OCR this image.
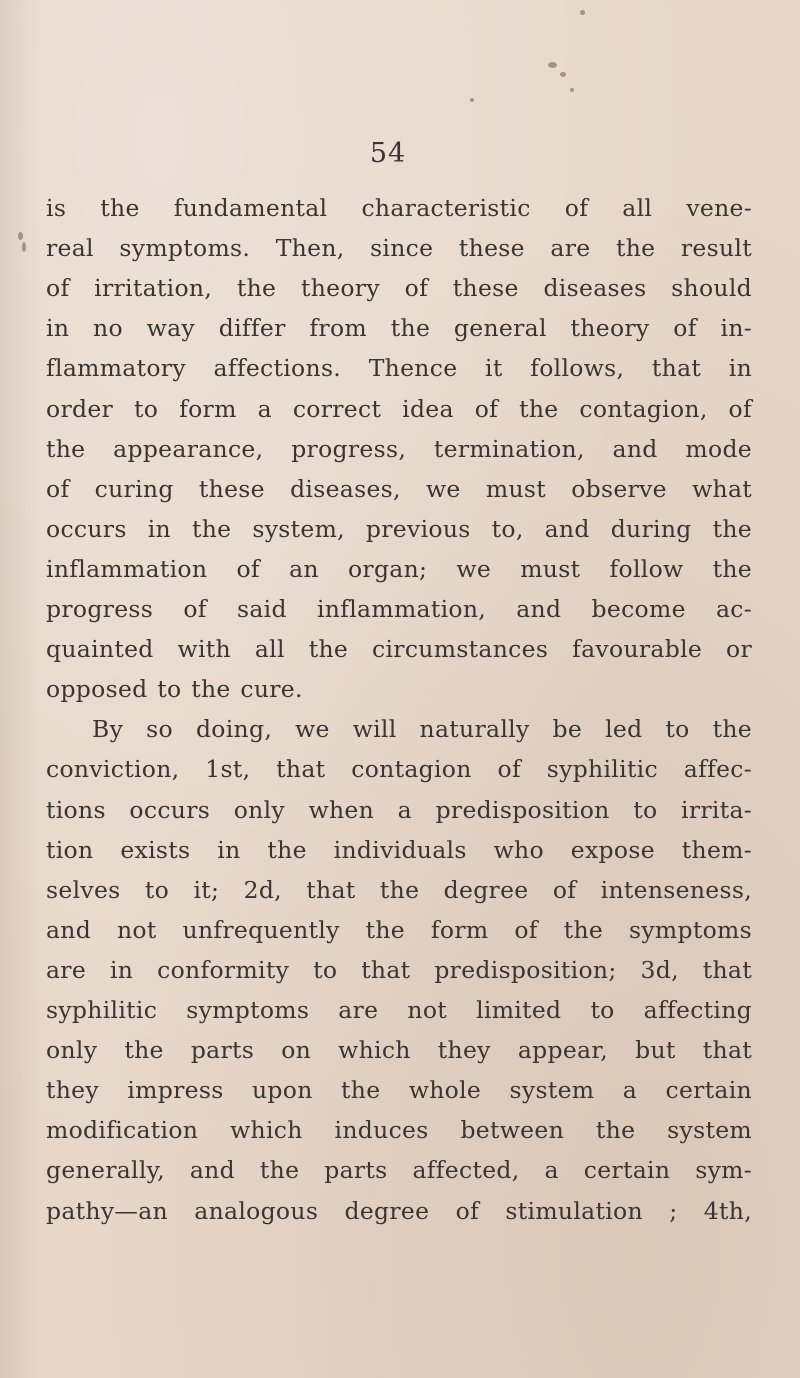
54
is the fundamental characteristic of all vene-
real symptoms. Then, since these are the result
of irritation, the theory of these diseases should
in no way differ from the general theory of in-
flammatory affections. Thence it follows, that in
order to form a correct idea of the contagion, of
the appearance, progress, termination, and mode
of curing these diseases, we must observe what
occurs in the system, previous to, and during the
inflammation of an organ; we must follow the
progress of said inflammation, and become ac-
quainted with all the circumstances favourable or
opposed to the cure.
By so doing, we will naturally be led to the
conviction, 1st, that contagion of syphilitic affec-
tions occurs only when a predisposition to irrita-
tion exists in the individuals who expose them-
selves to it; 2d, that the degree of intenseness,
and not unfrequently the form of the symptoms
are in conformity to that predisposition; 3d, that
syphilitic symptoms are not limited to affecting
only the parts on which they appear, but that
they impress upon the whole system a certain
modification which induces between the system
generally, and the parts affected, a certain sym-
pathy—an analogous degree of stimulation ; 4th,
